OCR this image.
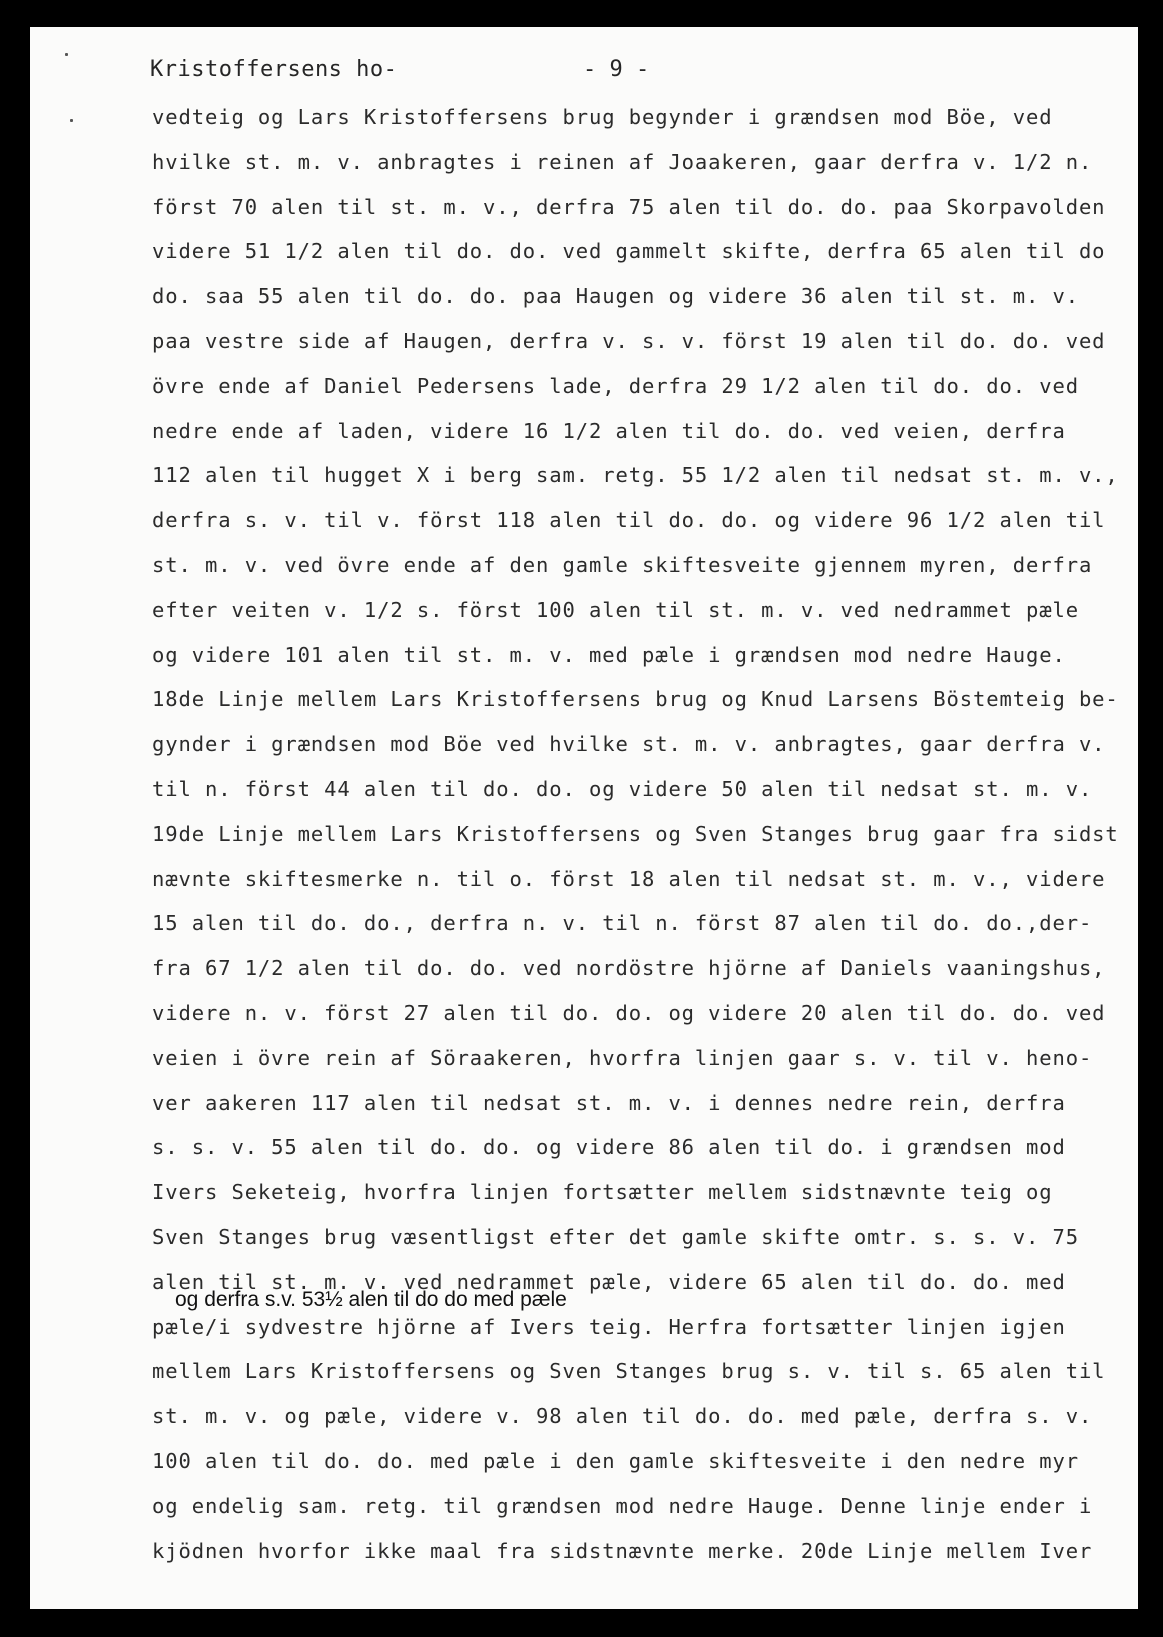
Kristoffersens ho-	- 9 -
vedteig og Lars Kristoffersens brug begynder i grændsen mod Böe, ved
hvilke st. m. v. anbragtes i reinen af Joaakeren, gaar derfra v. 1/2 n.
först 70 alen til st. m. v., derfra 75 alen til do. do. paa Skorpavolden
videre 51 1/2 alen til do. do. ved gammelt skifte, derfra 65 alen til do
do. saa 55 alen til do. do. paa Haugen og videre 36 alen til st. m. v.
paa vestre side af Haugen, derfra v. s. v. först 19 alen til do. do. ved
övre ende af Daniel Pedersens lade, derfra 29 1/2 alen til do. do. ved
nedre ende af laden, videre 16 1/2 alen til do. do. ved veien, derfra
112 alen til hugget X i berg sam. retg. 55 1/2 alen til nedsat st. m. v.,
derfra s. v. til v. först 118 alen til do. do. og videre 96 1/2 alen til
st. m. v. ved övre ende af den gamle skiftesveite gjennem myren, derfra
efter veiten v. 1/2 s. först 100 alen til st. m. v. ved nedrammet pæle
og videre 101 alen til st. m. v. med pæle i grændsen mod nedre Hauge.
18de Linje mellem Lars Kristoffersens brug og Knud Larsens Böstemteig be-
gynder i grændsen mod Böe ved hvilke st. m. v. anbragtes, gaar derfra v.
til n. först 44 alen til do. do. og videre 50 alen til nedsat st. m. v.
19de Linje mellem Lars Kristoffersens og Sven Stanges brug gaar fra sidst
nævnte skiftesmerke n. til o. först 18 alen til nedsat st. m. v., videre
15 alen til do. do., derfra n. v. til n. först 87 alen til do. do.,der-
fra 67 1/2 alen til do. do. ved nordöstre hjörne af Daniels vaaningshus,
videre n. v. först 27 alen til do. do. og videre 20 alen til do. do. ved
veien i övre rein af Söraakeren, hvorfra linjen gaar s. v. til v. heno-
ver aakeren 117 alen til nedsat st. m. v. i dennes nedre rein, derfra
s. s. v. 55 alen til do. do. og videre 86 alen til do. i grændsen mod
Ivers Seketeig, hvorfra linjen fortsætter mellem sidstnævnte teig og
Sven Stanges brug væsentligst efter det gamle skifte omtr. s. s. v. 75
alen til st. m. v. ved nedrammet pæle, videre 65 alen til do. do. med
pæle/i sydvestre hjörne af Ivers teig. Herfra fortsætter linjen igjen
mellem Lars Kristoffersens og Sven Stanges brug s. v. til s. 65 alen til
st. m. v. og pæle, videre v. 98 alen til do. do. med pæle, derfra s. v.
100 alen til do. do. med pæle i den gamle skiftesveite i den nedre myr
og endelig sam. retg. til grændsen mod nedre Hauge. Denne linje ender i
kjödnen hvorfor ikke maal fra sidstnævnte merke. 20de Linje mellem Iver
og derfra s.v. 53½ alen til do do med pæle
